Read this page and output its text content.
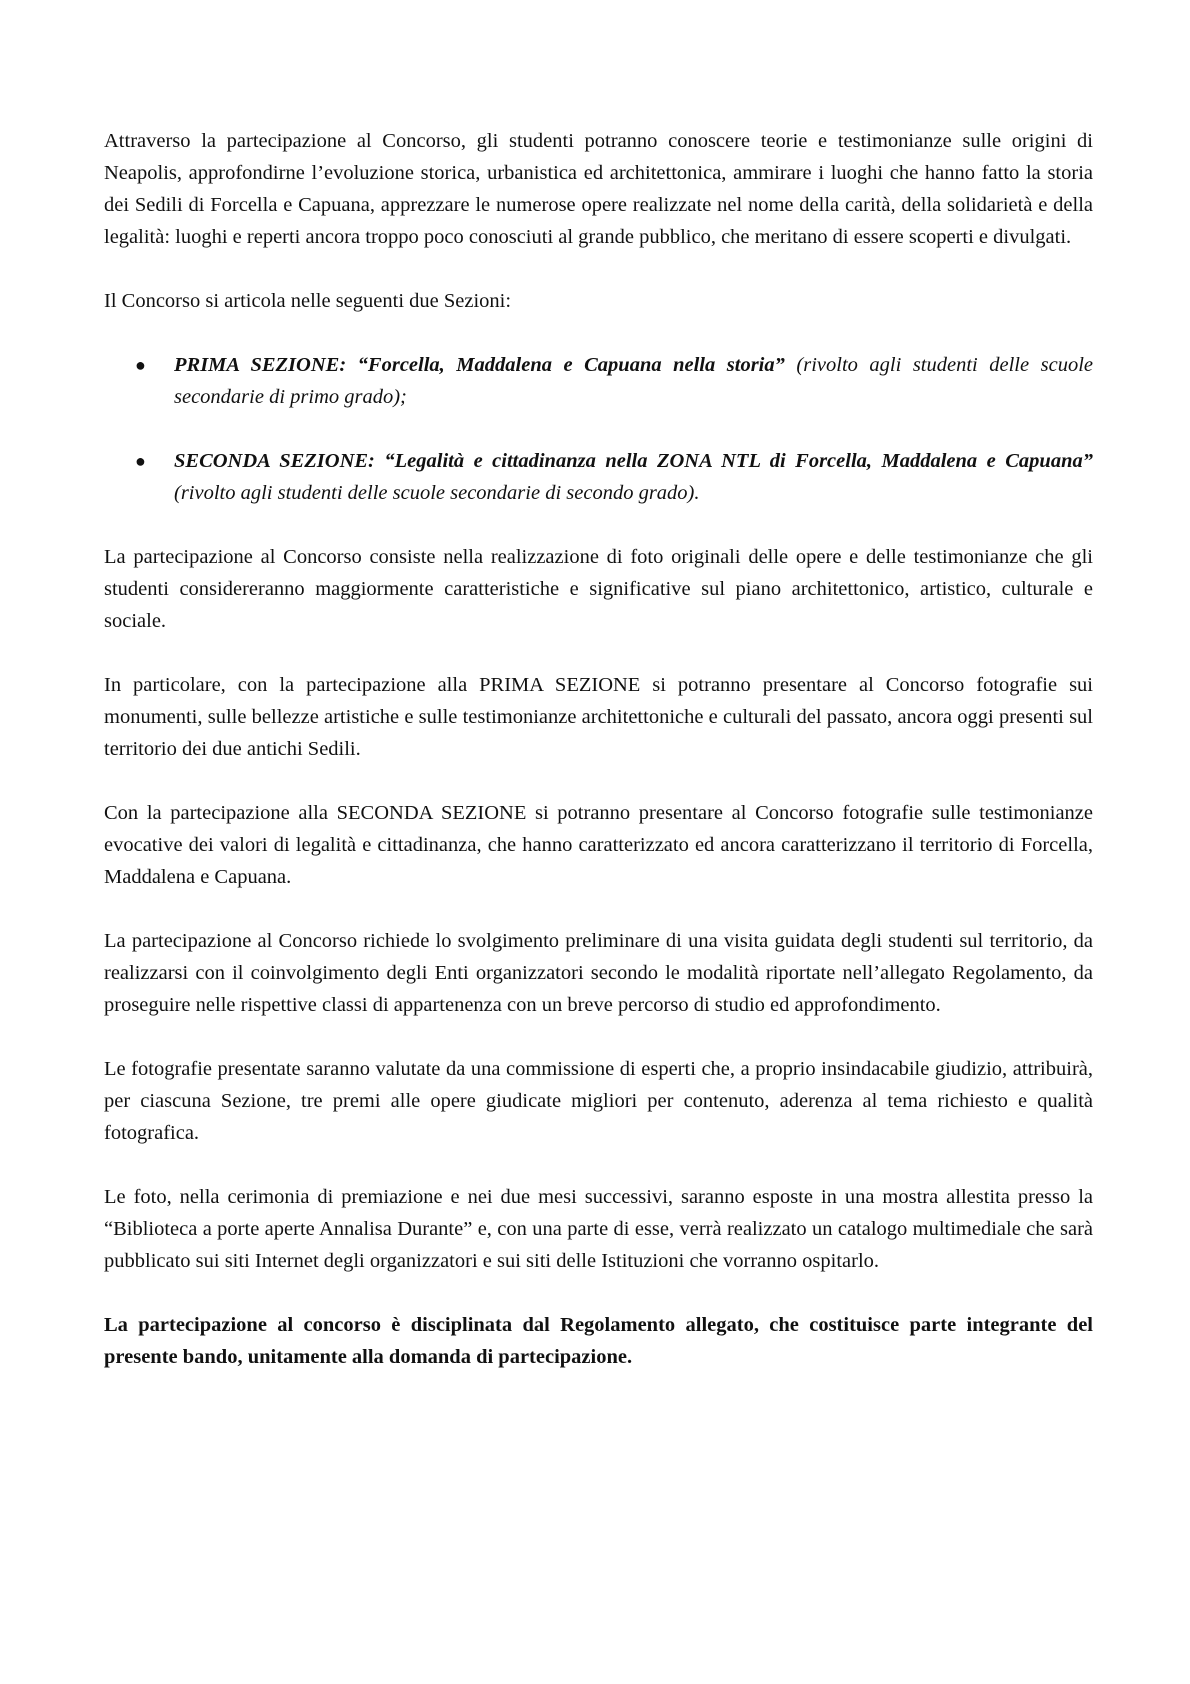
Attraverso la partecipazione al Concorso, gli studenti potranno conoscere teorie e testimonianze sulle origini di Neapolis, approfondirne l’evoluzione storica, urbanistica ed architettonica, ammirare i luoghi che hanno fatto la storia dei Sedili di Forcella e Capuana, apprezzare le numerose opere realizzate nel nome della carità, della solidarietà e della legalità: luoghi e reperti ancora troppo poco conosciuti al grande pubblico, che meritano di essere scoperti e divulgati.

Il Concorso si articola nelle seguenti due Sezioni:

● PRIMA SEZIONE: “Forcella, Maddalena e Capuana nella storia” (rivolto agli studenti delle scuole secondarie di primo grado);
● SECONDA SEZIONE: “Legalità e cittadinanza nella ZONA NTL di Forcella, Maddalena e Capuana” (rivolto agli studenti delle scuole secondarie di secondo grado).

La partecipazione al Concorso consiste nella realizzazione di foto originali delle opere e delle testimonianze che gli studenti considereranno maggiormente caratteristiche e significative sul piano architettonico, artistico, culturale e sociale.

In particolare, con la partecipazione alla PRIMA SEZIONE si potranno presentare al Concorso fotografie sui monumenti, sulle bellezze artistiche e sulle testimonianze architettoniche e culturali del passato, ancora oggi presenti sul territorio dei due antichi Sedili.

Con la partecipazione alla SECONDA SEZIONE si potranno presentare al Concorso fotografie sulle testimonianze evocative dei valori di legalità e cittadinanza, che hanno caratterizzato ed ancora caratterizzano il territorio di Forcella, Maddalena e Capuana.

La partecipazione al Concorso richiede lo svolgimento preliminare di una visita guidata degli studenti sul territorio, da realizzarsi con il coinvolgimento degli Enti organizzatori secondo le modalità riportate nell’allegato Regolamento, da proseguire nelle rispettive classi di appartenenza con un breve percorso di studio ed approfondimento.

Le fotografie presentate saranno valutate da una commissione di esperti che, a proprio insindacabile giudizio, attribuirà, per ciascuna Sezione, tre premi alle opere giudicate migliori per contenuto, aderenza al tema richiesto e qualità fotografica.

Le foto, nella cerimonia di premiazione e nei due mesi successivi, saranno esposte in una mostra allestita presso la “Biblioteca a porte aperte Annalisa Durante” e, con una parte di esse, verrà realizzato un catalogo multimediale che sarà pubblicato sui siti Internet degli organizzatori e sui siti delle Istituzioni che vorranno ospitarlo.

La partecipazione al concorso è disciplinata dal Regolamento allegato, che costituisce parte integrante del presente bando, unitamente alla domanda di partecipazione.
